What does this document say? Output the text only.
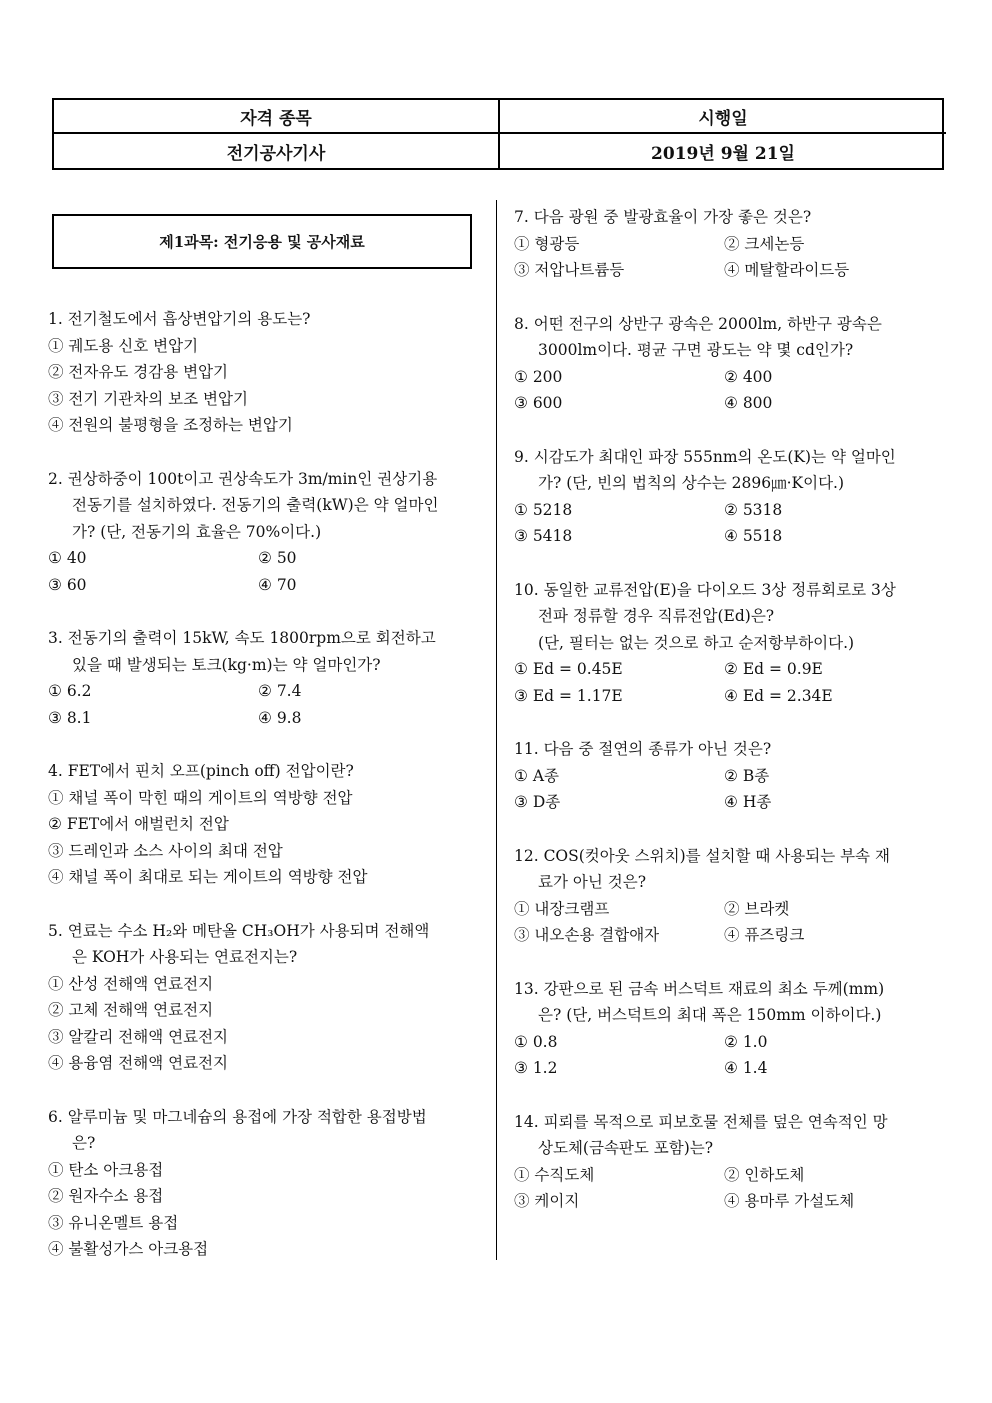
자격 종목	시행일
전기공사기사	2019년 9월 21일
제1과목: 전기응용 및 공사재료
1. 전기철도에서 흡상변압기의 용도는?
① 궤도용 신호 변압기
② 전자유도 경감용 변압기
③ 전기 기관차의 보조 변압기
④ 전원의 불평형을 조정하는 변압기
2. 권상하중이 100t이고 권상속도가 3m/min인 권상기용
전동기를 설치하였다. 전동기의 출력(kW)은 약 얼마인
가? (단, 전동기의 효율은 70%이다.)
① 40	② 50
③ 60	④ 70
3. 전동기의 출력이 15kW, 속도 1800rpm으로 회전하고
있을 때 발생되는 토크(kg·m)는 약 얼마인가?
① 6.2	② 7.4
③ 8.1	④ 9.8
4. FET에서 핀치 오프(pinch off) 전압이란?
① 채널 폭이 막힌 때의 게이트의 역방향 전압
② FET에서 애벌런치 전압
③ 드레인과 소스 사이의 최대 전압
④ 채널 폭이 최대로 되는 게이트의 역방향 전압
5. 연료는 수소 H₂와 메탄올 CH₃OH가 사용되며 전해액
은 KOH가 사용되는 연료전지는?
① 산성 전해액 연료전지
② 고체 전해액 연료전지
③ 알칼리 전해액 연료전지
④ 용융염 전해액 연료전지
6. 알루미늄 및 마그네슘의 용접에 가장 적합한 용접방법
은?
① 탄소 아크용접
② 원자수소 용접
③ 유니온멜트 용접
④ 불활성가스 아크용접
7. 다음 광원 중 발광효율이 가장 좋은 것은?
① 형광등	② 크세논등
③ 저압나트륨등	④ 메탈할라이드등
8. 어떤 전구의 상반구 광속은 2000lm, 하반구 광속은
3000lm이다. 평균 구면 광도는 약 몇 cd인가?
① 200	② 400
③ 600	④ 800
9. 시감도가 최대인 파장 555nm의 온도(K)는 약 얼마인
가? (단, 빈의 법칙의 상수는 2896㎛·K이다.)
① 5218	② 5318
③ 5418	④ 5518
10. 동일한 교류전압(E)을 다이오드 3상 정류회로로 3상
전파 정류할 경우 직류전압(Ed)은?
(단, 필터는 없는 것으로 하고 순저항부하이다.)
① Ed = 0.45E	② Ed = 0.9E
③ Ed = 1.17E	④ Ed = 2.34E
11. 다음 중 절연의 종류가 아닌 것은?
① A종	② B종
③ D종	④ H종
12. COS(컷아웃 스위치)를 설치할 때 사용되는 부속 재
료가 아닌 것은?
① 내장크램프	② 브라켓
③ 내오손용 결합애자	④ 퓨즈링크
13. 강판으로 된 금속 버스덕트 재료의 최소 두께(mm)
은? (단, 버스덕트의 최대 폭은 150mm 이하이다.)
① 0.8	② 1.0
③ 1.2	④ 1.4
14. 피뢰를 목적으로 피보호물 전체를 덮은 연속적인 망
상도체(금속판도 포함)는?
① 수직도체	② 인하도체
③ 케이지	④ 용마루 가설도체
